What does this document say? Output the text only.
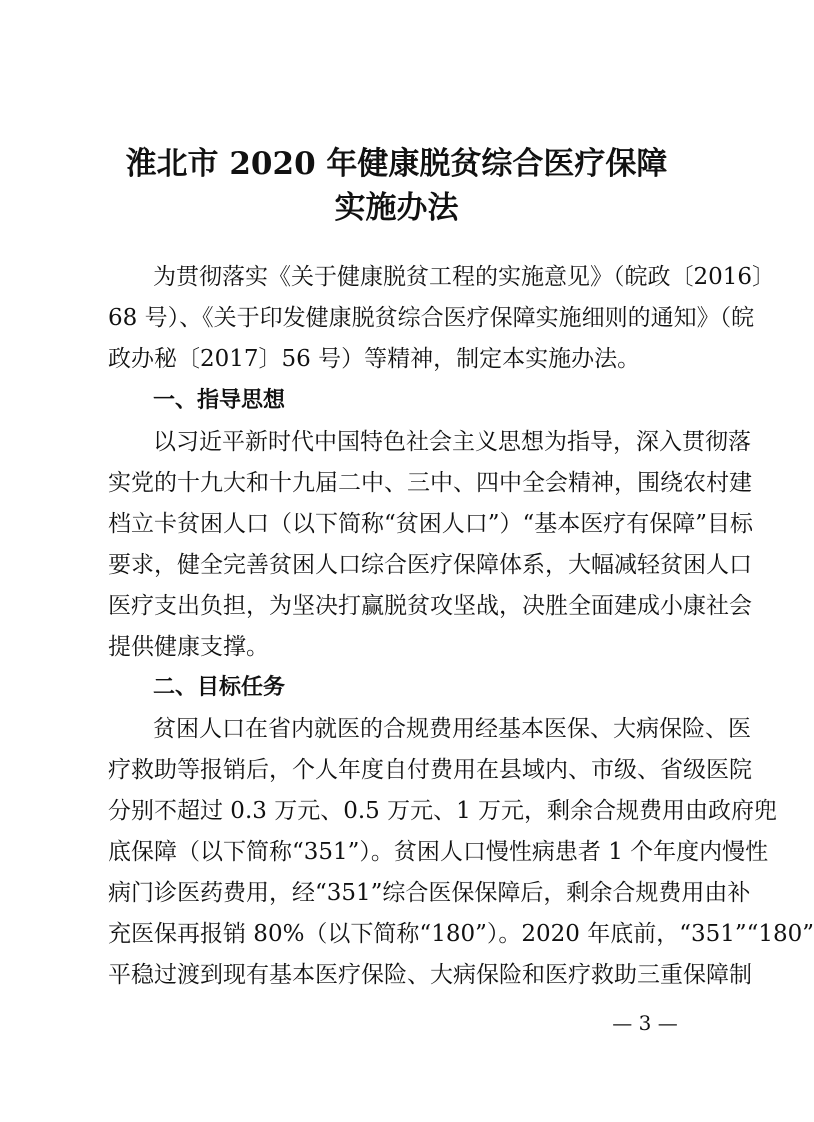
淮北市 2020 年健康脱贫综合医疗保障
实施办法
为贯彻落实《关于健康脱贫工程的实施意见》（皖政〔2016〕
68 号）、《关于印发健康脱贫综合医疗保障实施细则的通知》（皖
政办秘〔2017〕56 号）等精神，制定本实施办法。
一、指导思想
以习近平新时代中国特色社会主义思想为指导，深入贯彻落
实党的十九大和十九届二中、三中、四中全会精神，围绕农村建
档立卡贫困人口（以下简称“贫困人口”）“基本医疗有保障”目标
要求，健全完善贫困人口综合医疗保障体系，大幅减轻贫困人口
医疗支出负担，为坚决打赢脱贫攻坚战，决胜全面建成小康社会
提供健康支撑。
二、目标任务
贫困人口在省内就医的合规费用经基本医保、大病保险、医
疗救助等报销后，个人年度自付费用在县域内、市级、省级医院
分别不超过 0.3 万元、0.5 万元、1 万元，剩余合规费用由政府兜
底保障（以下简称“351”）。贫困人口慢性病患者 1 个年度内慢性
病门诊医药费用，经“351”综合医保保障后，剩余合规费用由补
充医保再报销 80%（以下简称“180”）。2020 年底前，“351”“180”
平稳过渡到现有基本医疗保险、大病保险和医疗救助三重保障制
— 3 —
